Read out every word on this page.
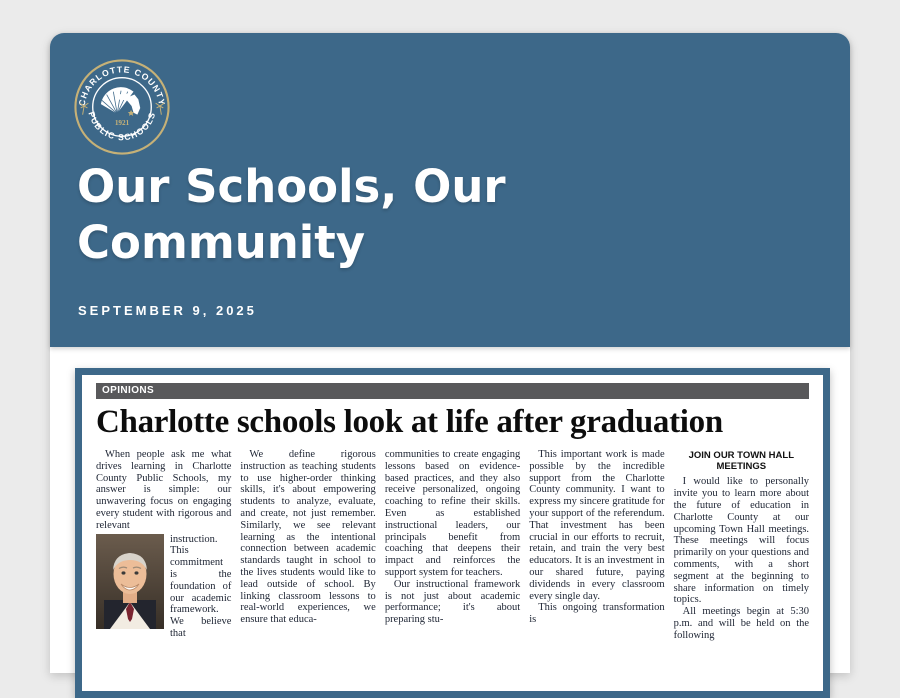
CHARLOTTE COUNTY
PUBLIC SCHOOLS
1921
Our Schools, Our Community
SEPTEMBER 9, 2025
OPINIONS
Charlotte schools look at life after graduation

When people ask me what drives learning in Charlotte County Public Schools, my answer is simple: our unwavering focus on engaging every student with rigorous and relevant

instruction. This commitment is the foundation of our academic framework. We believe that

We define rigorous instruction as teaching students to use higher-order thinking skills, it's about empowering students to analyze, evaluate, and create, not just remember. Similarly, we see relevant learning as the intentional connection between academic standards taught in school to the lives students would like to lead outside of school. By linking classroom lessons to real-world experiences, we ensure that educa-

communities to create engaging lessons based on evidence-based practices, and they also receive personalized, ongoing coaching to refine their skills. Even as established instructional leaders, our principals benefit from coaching that deepens their impact and reinforces the support system for teachers.

Our instructional framework is not just about academic performance; it's about preparing stu-

This important work is made possible by the incredible support from the Charlotte County community. I want to express my sincere gratitude for your support of the referendum. That investment has been crucial in our efforts to recruit, retain, and train the very best educators. It is an investment in our shared future, paying dividends in every classroom every single day.

This ongoing transformation is

JOIN OUR TOWN HALL MEETINGS

I would like to personally invite you to learn more about the future of education in Charlotte County at our upcoming Town Hall meetings. These meetings will focus primarily on your questions and comments, with a short segment at the beginning to share information on timely topics.

All meetings begin at 5:30 p.m. and will be held on the following
